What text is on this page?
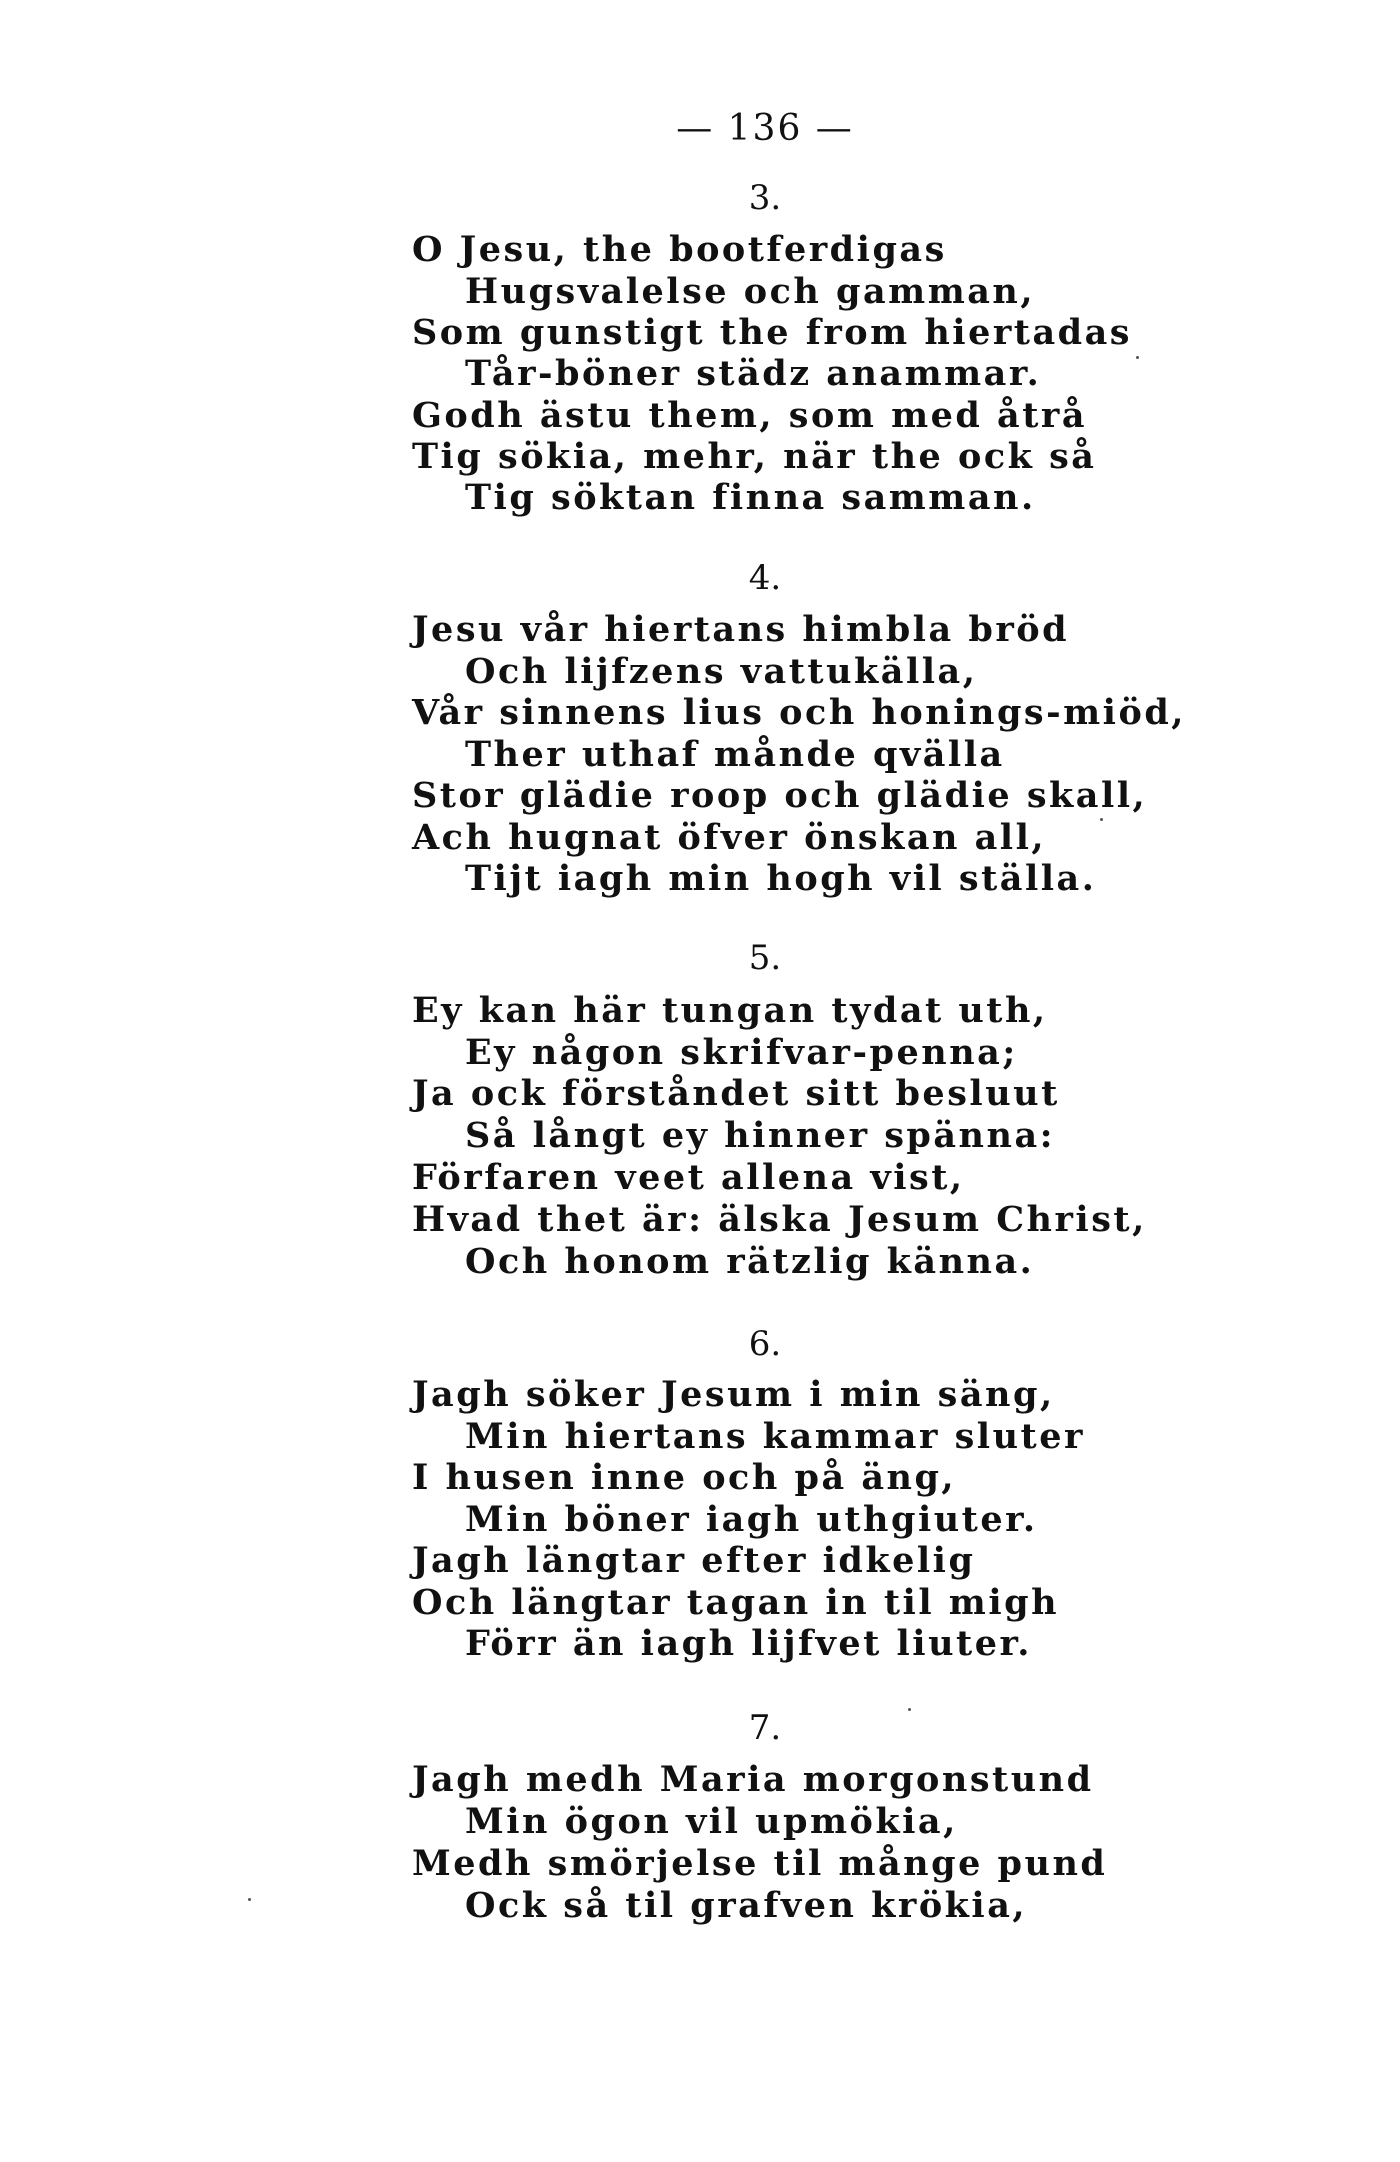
— 136 —
3.
O Jesu, the bootferdigas
Hugsvalelse och gamman,
Som gunstigt the from hiertadas
Tår-böner städz anammar.
Godh ästu them, som med åtrå
Tig sökia, mehr, när the ock så
Tig söktan finna samman.
4.
Jesu vår hiertans himbla bröd
Och lijfzens vattukälla,
Vår sinnens lius och honings-miöd,
Ther uthaf månde qvälla
Stor glädie roop och glädie skall,
Ach hugnat öfver önskan all,
Tijt iagh min hogh vil ställa.
5.
Ey kan här tungan tydat uth,
Ey någon skrifvar-penna;
Ja ock förståndet sitt besluut
Så långt ey hinner spänna:
Förfaren veet allena vist,
Hvad thet är: älska Jesum Christ,
Och honom rätzlig känna.
6.
Jagh söker Jesum i min säng,
Min hiertans kammar sluter
I husen inne och på äng,
Min böner iagh uthgiuter.
Jagh längtar efter idkelig
Och längtar tagan in til migh
Förr än iagh lijfvet liuter.
7.
Jagh medh Maria morgonstund
Min ögon vil upmökia,
Medh smörjelse til månge pund
Ock så til grafven krökia,
